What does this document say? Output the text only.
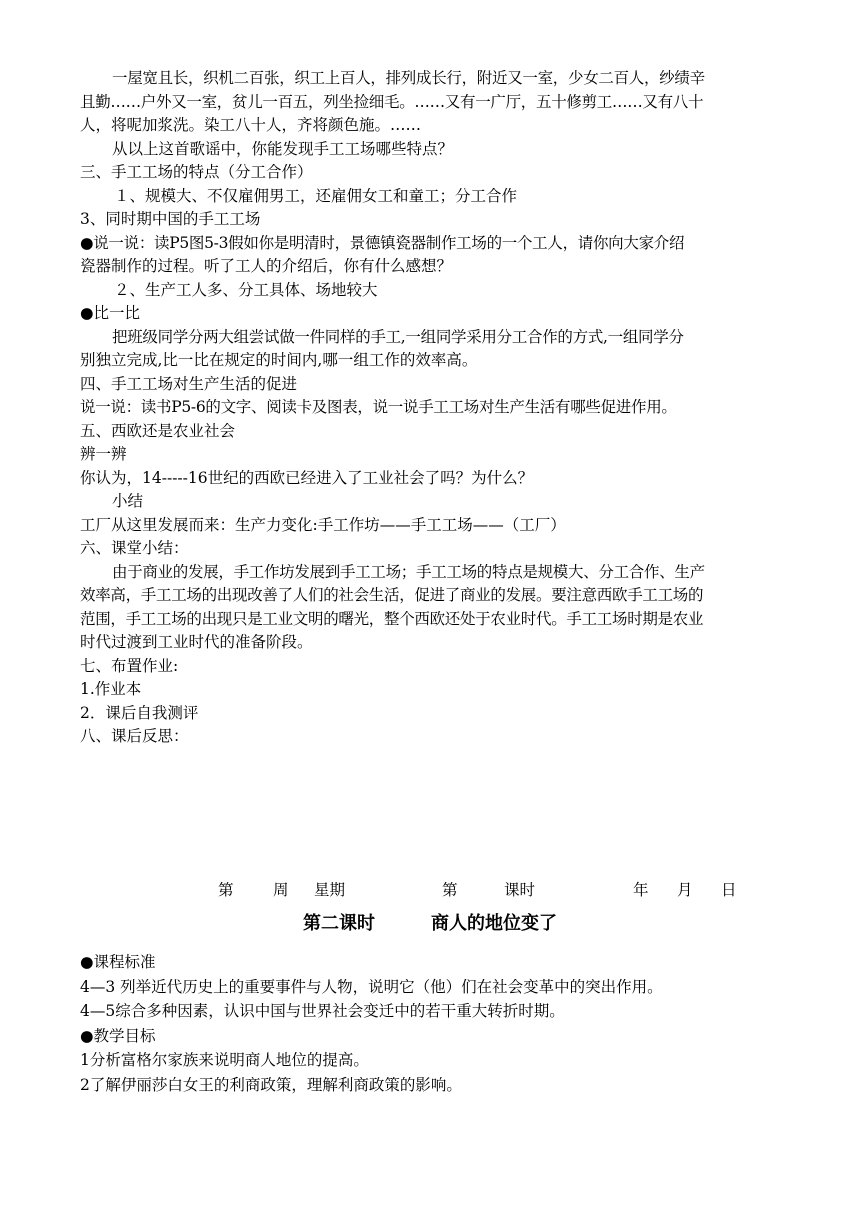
一屋宽且长，织机二百张，织工上百人，排列成长行，附近又一室，少女二百人，纱绩辛

且勤……户外又一室，贫儿一百五，列坐捡细毛。……又有一广厅，五十修剪工……又有八十

人，将呢加浆洗。染工八十人，齐将颜色施。……

从以上这首歌谣中，你能发现手工工场哪些特点？

三、手工工场的特点（分工合作）

１、规模大、不仅雇佣男工，还雇佣女工和童工；分工合作

3、同时期中国的手工工场

●说一说：读P5图5-3假如你是明清时，景德镇瓷器制作工场的一个工人，请你向大家介绍

瓷器制作的过程。听了工人的介绍后，你有什么感想？

２、生产工人多、分工具体、场地较大

●比一比

把班级同学分两大组尝试做一件同样的手工,一组同学采用分工合作的方式,一组同学分

别独立完成,比一比在规定的时间内,哪一组工作的效率高。

四、手工工场对生产生活的促进

说一说：读书P5-6的文字、阅读卡及图表，说一说手工工场对生产生活有哪些促进作用。

五、西欧还是农业社会

辨一辨

你认为，14-----16世纪的西欧已经进入了工业社会了吗？为什么？

小结

工厂从这里发展而来：生产力变化:手工作坊——手工工场——（工厂）

六、课堂小结：

由于商业的发展，手工作坊发展到手工工场；手工工场的特点是规模大、分工合作、生产

效率高，手工工场的出现改善了人们的社会生活，促进了商业的发展。要注意西欧手工工场的

范围，手工工场的出现只是工业文明的曙光，整个西欧还处于农业时代。手工工场时期是农业

时代过渡到工业时代的准备阶段。

七、布置作业:

1.作业本

2．课后自我测评

八、课后反思：

第	周 星期	第	课时	年 月 日
第二课时	商人的地位变了

●课程标准

4—3 列举近代历史上的重要事件与人物，说明它（他）们在社会变革中的突出作用。

4—5综合多种因素，认识中国与世界社会变迁中的若干重大转折时期。

●教学目标

1分析富格尔家族来说明商人地位的提高。

2了解伊丽莎白女王的利商政策，理解利商政策的影响。
